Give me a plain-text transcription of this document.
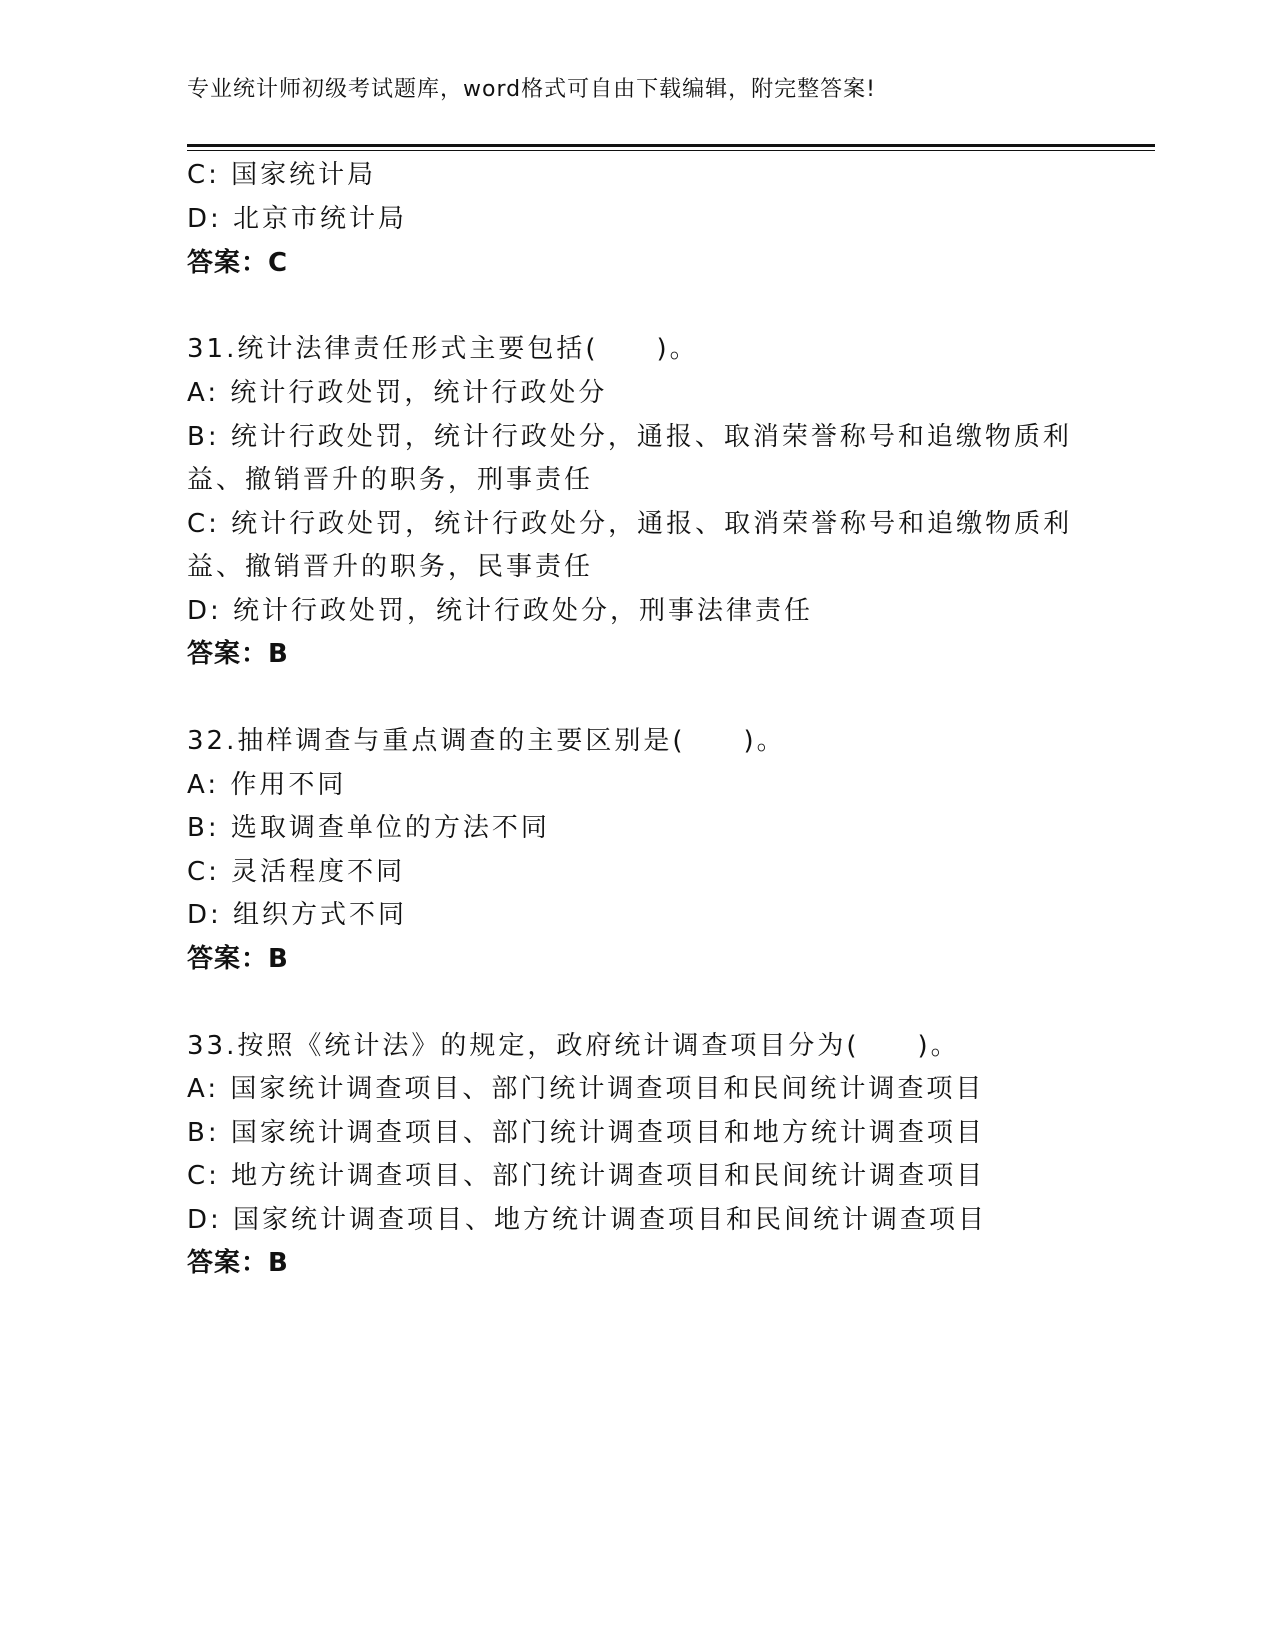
专业统计师初级考试题库，word格式可自由下载编辑，附完整答案!
C: 国家统计局
D: 北京市统计局
答案：C
31.统计法律责任形式主要包括(　　)。
A: 统计行政处罚，统计行政处分
B: 统计行政处罚，统计行政处分，通报、取消荣誉称号和追缴物质利
益、撤销晋升的职务，刑事责任
C: 统计行政处罚，统计行政处分，通报、取消荣誉称号和追缴物质利
益、撤销晋升的职务，民事责任
D: 统计行政处罚，统计行政处分，刑事法律责任
答案：B
32.抽样调查与重点调查的主要区别是(　　)。
A: 作用不同
B: 选取调查单位的方法不同
C: 灵活程度不同
D: 组织方式不同
答案：B
33.按照《统计法》的规定，政府统计调查项目分为(　　)。
A: 国家统计调查项目、部门统计调查项目和民间统计调查项目
B: 国家统计调查项目、部门统计调查项目和地方统计调查项目
C: 地方统计调查项目、部门统计调查项目和民间统计调查项目
D: 国家统计调查项目、地方统计调查项目和民间统计调查项目
答案：B
